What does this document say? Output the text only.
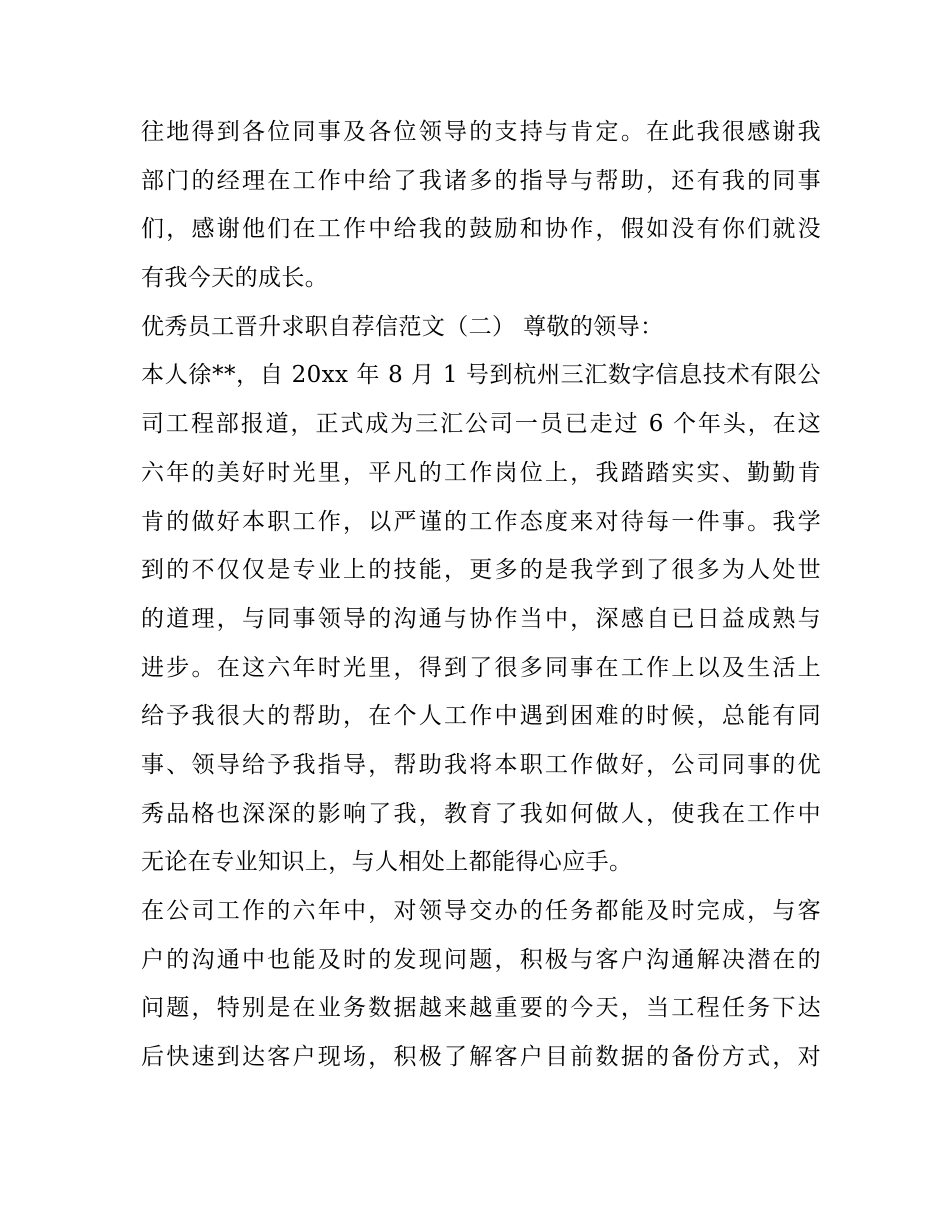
往地得到各位同事及各位领导的支持与肯定。在此我很感谢我
部门的经理在工作中给了我诸多的指导与帮助，还有我的同事
们，感谢他们在工作中给我的鼓励和协作，假如没有你们就没
有我今天的成长。
优秀员工晋升求职自荐信范文（二） 尊敬的领导：
本人徐**，自 20xx 年 8 月 1 号到杭州三汇数字信息技术有限公
司工程部报道，正式成为三汇公司一员已走过 6 个年头，在这
六年的美好时光里，平凡的工作岗位上，我踏踏实实、勤勤肯
肯的做好本职工作，以严谨的工作态度来对待每一件事。我学
到的不仅仅是专业上的技能，更多的是我学到了很多为人处世
的道理，与同事领导的沟通与协作当中，深感自已日益成熟与
进步。在这六年时光里，得到了很多同事在工作上以及生活上
给予我很大的帮助，在个人工作中遇到困难的时候，总能有同
事、领导给予我指导，帮助我将本职工作做好，公司同事的优
秀品格也深深的影响了我，教育了我如何做人，使我在工作中
无论在专业知识上，与人相处上都能得心应手。
在公司工作的六年中，对领导交办的任务都能及时完成，与客
户的沟通中也能及时的发现问题，积极与客户沟通解决潜在的
问题，特别是在业务数据越来越重要的今天，当工程任务下达
后快速到达客户现场，积极了解客户目前数据的备份方式，对
